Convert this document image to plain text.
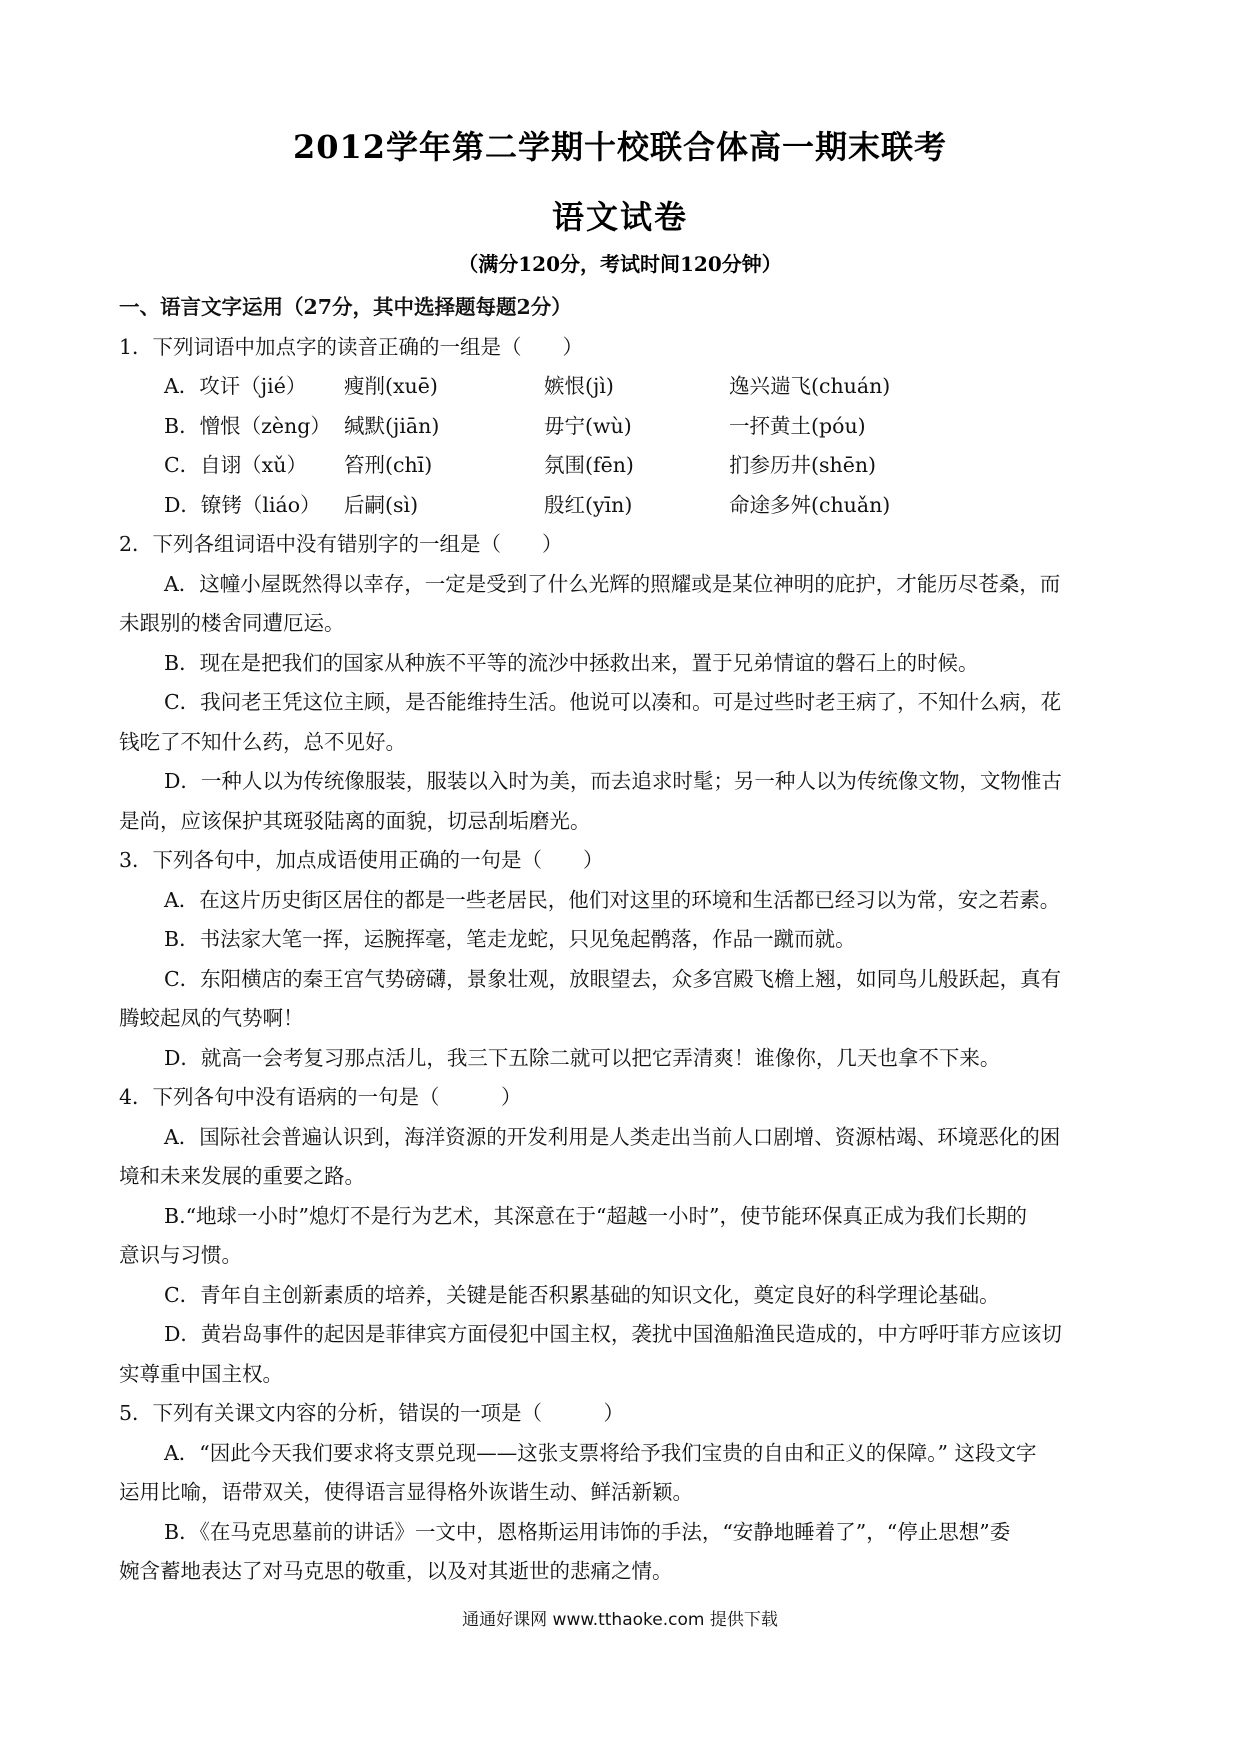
2012学年第二学期十校联合体高一期末联考
语文试卷
（满分120分，考试时间120分钟）
一、语言文字运用（27分，其中选择题每题2分）
1．下列词语中加点字的读音正确的一组是（　　）
A．攻讦（jié）	瘦削(xuē)	嫉恨(jì)	逸兴遄飞(chuán)
B．憎恨（zèng） 缄默(jiān)	毋宁(wù)	一抔黄土(póu)
C．自诩（xǔ）	笞刑(chī)	氛围(fēn)	扪参历井(shēn)
D．镣铐（liáo）	后嗣(sì)	殷红(yīn)	命途多舛(chuǎn)
2．下列各组词语中没有错别字的一组是（　　）
A．这幢小屋既然得以幸存，一定是受到了什么光辉的照耀或是某位神明的庇护，才能历尽苍桑，而
未跟别的楼舍同遭厄运。
B．现在是把我们的国家从种族不平等的流沙中拯救出来，置于兄弟情谊的磐石上的时候。
C．我问老王凭这位主顾，是否能维持生活。他说可以凑和。可是过些时老王病了，不知什么病，花
钱吃了不知什么药，总不见好。
D．一种人以为传统像服装，服装以入时为美，而去追求时髦；另一种人以为传统像文物，文物惟古
是尚，应该保护其斑驳陆离的面貌，切忌刮垢磨光。
3．下列各句中，加点成语使用正确的一句是（　　）
A．在这片历史街区居住的都是一些老居民，他们对这里的环境和生活都已经习以为常，安之若素。
B．书法家大笔一挥，运腕挥毫，笔走龙蛇，只见兔起鹘落，作品一蹴而就。
C．东阳横店的秦王宫气势磅礴，景象壮观，放眼望去，众多宫殿飞檐上翘，如同鸟儿般跃起，真有
腾蛟起凤的气势啊！
D．就高一会考复习那点活儿，我三下五除二就可以把它弄清爽！谁像你，几天也拿不下来。
4．下列各句中没有语病的一句是（　　　）
A．国际社会普遍认识到，海洋资源的开发利用是人类走出当前人口剧增、资源枯竭、环境恶化的困
境和未来发展的重要之路。
B.“地球一小时”熄灯不是行为艺术，其深意在于“超越一小时”，使节能环保真正成为我们长期的
意识与习惯。
C．青年自主创新素质的培养，关键是能否积累基础的知识文化，奠定良好的科学理论基础。
D．黄岩岛事件的起因是菲律宾方面侵犯中国主权，袭扰中国渔船渔民造成的，中方呼吁菲方应该切
实尊重中国主权。
5．下列有关课文内容的分析，错误的一项是（　　　）
A．“因此今天我们要求将支票兑现——这张支票将给予我们宝贵的自由和正义的保障。” 这段文字
运用比喻，语带双关，使得语言显得格外诙谐生动、鲜活新颖。
B．《在马克思墓前的讲话》一文中，恩格斯运用讳饰的手法，“安静地睡着了”，“停止思想”委
婉含蓄地表达了对马克思的敬重，以及对其逝世的悲痛之情。
通通好课网 www.tthaoke.com 提供下载
